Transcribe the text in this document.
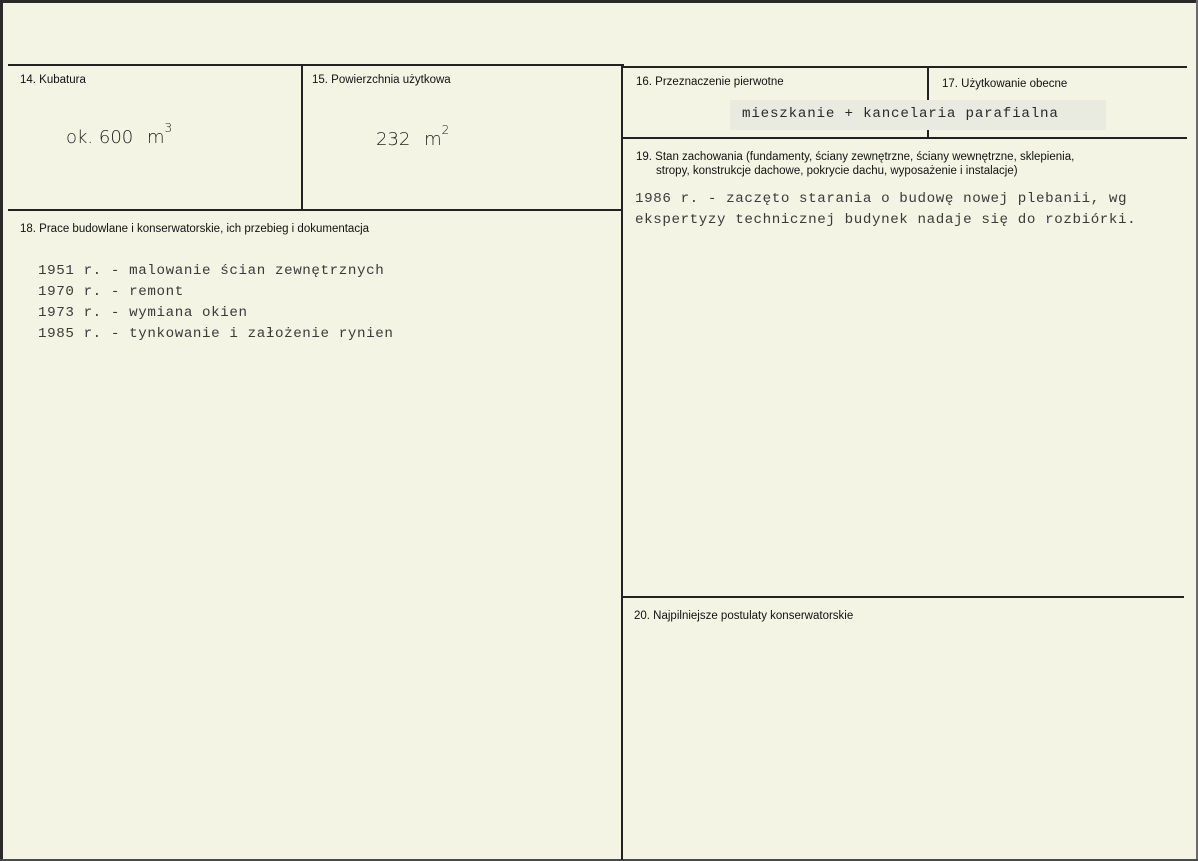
14. Kubatura
ok. 600 $m^3$
15. Powierzchnia użytkowa
232 $m^2$
16. Przeznaczenie pierwotne	17. Użytkowanie obecne
mieszkanie + kancelaria parafialna
18. Prace budowlane i konserwatorskie, ich przebieg i dokumentacja
1951 r. - malowanie ścian zewnętrznych
1970 r. - remont
1973 r. - wymiana okien
1985 r. - tynkowanie i założenie rynien
19. Stan zachowania (fundamenty, ściany zewnętrzne, ściany wewnętrzne, sklepienia,
stropy, konstrukcje dachowe, pokrycie dachu, wyposażenie i instalacje)
1986 r. - zaczęto starania o budowę nowej plebanii, wg
ekspertyzy technicznej budynek nadaje się do rozbiórki.
20. Najpilniejsze postulaty konserwatorskie
